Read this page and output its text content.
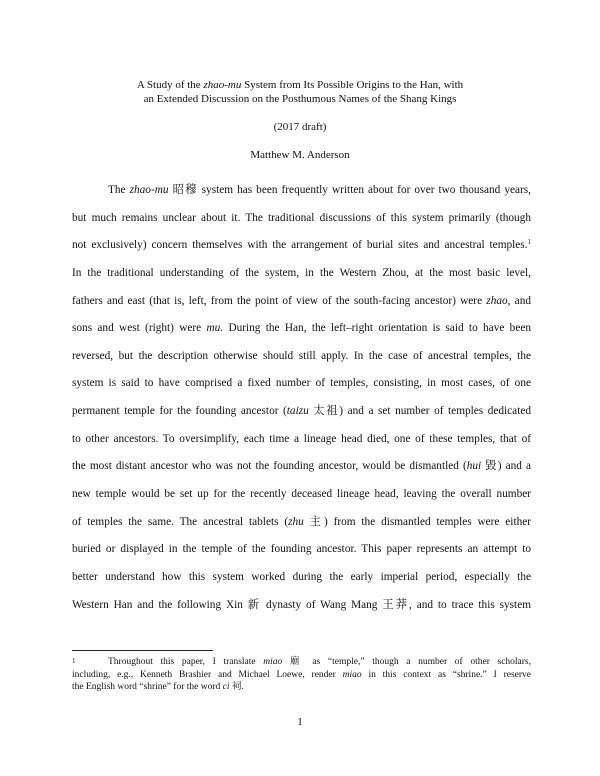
A Study of the zhao-mu System from Its Possible Origins to the Han, with
an Extended Discussion on the Posthumous Names of the Shang Kings
(2017 draft)
Matthew M. Anderson
The zhao-mu 昭穆 system has been frequently written about for over two thousand years,
but much remains unclear about it. The traditional discussions of this system primarily (though
not exclusively) concern themselves with the arrangement of burial sites and ancestral temples.$^1$
In the traditional understanding of the system, in the Western Zhou, at the most basic level,
fathers and east (that is, left, from the point of view of the south-facing ancestor) were zhao, and
sons and west (right) were mu. During the Han, the left–right orientation is said to have been
reversed, but the description otherwise should still apply. In the case of ancestral temples, the
system is said to have comprised a fixed number of temples, consisting, in most cases, of one
permanent temple for the founding ancestor (taizu 太祖) and a set number of temples dedicated
to other ancestors. To oversimplify, each time a lineage head died, one of these temples, that of
the most distant ancestor who was not the founding ancestor, would be dismantled (hui 毀) and a
new temple would be set up for the recently deceased lineage head, leaving the overall number
of temples the same. The ancestral tablets (zhu 主) from the dismantled temples were either
buried or displayed in the temple of the founding ancestor. This paper represents an attempt to
better understand how this system worked during the early imperial period, especially the
Western Han and the following Xin 新 dynasty of Wang Mang 王莽, and to trace this system
1	Throughout this paper, I translate miao 廟 as “temple,” though a number of other scholars,
including, e.g., Kenneth Brashier and Michael Loewe, render miao in this context as “shrine.” I reserve
the English word “shrine” for the word ci 祠.
1
